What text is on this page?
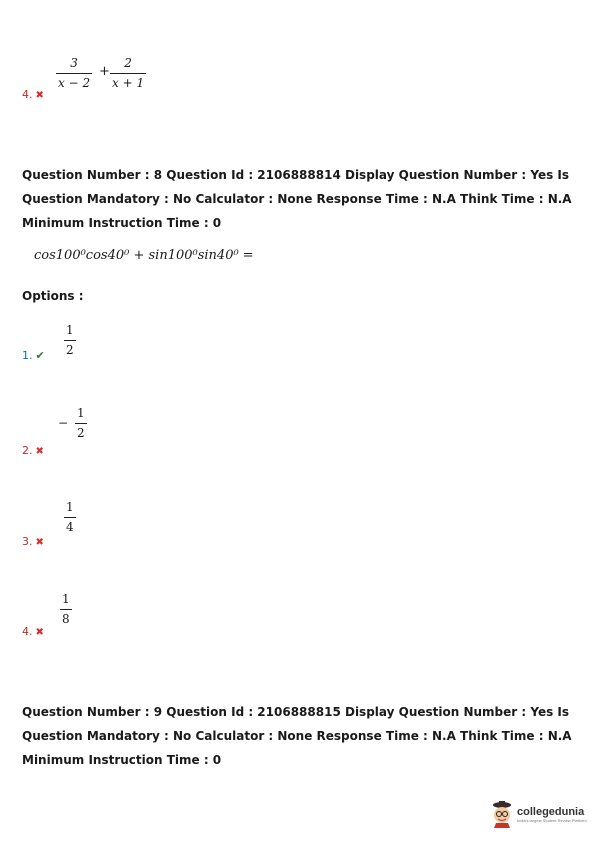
3
x − 2
+
2
x + 1
4. ✖
Question Number : 8 Question Id : 2106888814 Display Question Number : Yes Is Question Mandatory : No Calculator : None Response Time : N.A Think Time : N.A Minimum Instruction Time : 0
cos100⁰cos40⁰ + sin100⁰sin40⁰ =
Options :
1
2
1. ✔
−
1
2
2. ✖
1
4
3. ✖
1
8
4. ✖
Question Number : 9 Question Id : 2106888815 Display Question Number : Yes Is Question Mandatory : No Calculator : None Response Time : N.A Think Time : N.A Minimum Instruction Time : 0
collegedunia
India's largest Student Review Platform
